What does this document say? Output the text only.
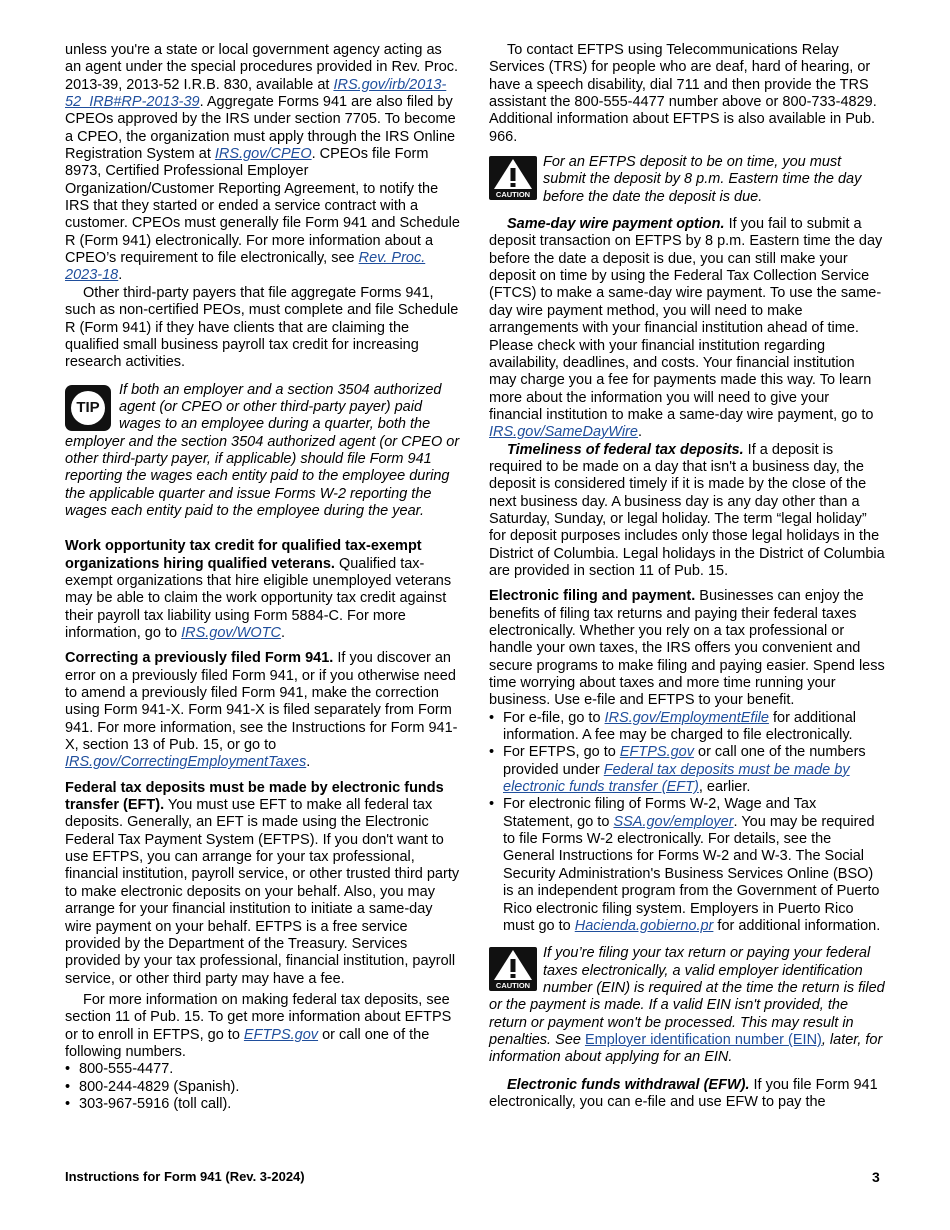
unless you're a state or local government agency acting as an agent under the special procedures provided in Rev. Proc. 2013-39, 2013-52 I.R.B. 830, available at IRS.gov/irb/2013-52_IRB#RP-2013-39. Aggregate Forms 941 are also filed by CPEOs approved by the IRS under section 7705. To become a CPEO, the organization must apply through the IRS Online Registration System at IRS.gov/CPEO. CPEOs file Form 8973, Certified Professional Employer Organization/Customer Reporting Agreement, to notify the IRS that they started or ended a service contract with a customer. CPEOs must generally file Form 941 and Schedule R (Form 941) electronically. For more information about a CPEO’s requirement to file electronically, see Rev. Proc. 2023-18.

Other third-party payers that file aggregate Forms 941, such as non-certified PEOs, must complete and file Schedule R (Form 941) if they have clients that are claiming the qualified small business payroll tax credit for increasing research activities.

TIP

If both an employer and a section 3504 authorized agent (or CPEO or other third-party payer) paid wages to an employee during a quarter, both the employer and the section 3504 authorized agent (or CPEO or other third-party payer, if applicable) should file Form 941 reporting the wages each entity paid to the employee during the applicable quarter and issue Forms W-2 reporting the wages each entity paid to the employee during the year.

Work opportunity tax credit for qualified tax-exempt organizations hiring qualified veterans. Qualified tax-exempt organizations that hire eligible unemployed veterans may be able to claim the work opportunity tax credit against their payroll tax liability using Form 5884-C. For more information, go to IRS.gov/WOTC.

Correcting a previously filed Form 941. If you discover an error on a previously filed Form 941, or if you otherwise need to amend a previously filed Form 941, make the correction using Form 941-X. Form 941-X is filed separately from Form 941. For more information, see the Instructions for Form 941-X, section 13 of Pub. 15, or go to IRS.gov/CorrectingEmploymentTaxes.

Federal tax deposits must be made by electronic funds transfer (EFT). You must use EFT to make all federal tax deposits. Generally, an EFT is made using the Electronic Federal Tax Payment System (EFTPS). If you don't want to use EFTPS, you can arrange for your tax professional, financial institution, payroll service, or other trusted third party to make electronic deposits on your behalf. Also, you may arrange for your financial institution to initiate a same-day wire payment on your behalf. EFTPS is a free service provided by the Department of the Treasury. Services provided by your tax professional, financial institution, payroll service, or other third party may have a fee.

For more information on making federal tax deposits, see section 11 of Pub. 15. To get more information about EFTPS or to enroll in EFTPS, go to EFTPS.gov or call one of the following numbers.

• 800-555-4477.

• 800-244-4829 (Spanish).

• 303-967-5916 (toll call).

To contact EFTPS using Telecommunications Relay Services (TRS) for people who are deaf, hard of hearing, or have a speech disability, dial 711 and then provide the TRS assistant the 800-555-4477 number above or 800-733-4829. Additional information about EFTPS is also available in Pub. 966.

CAUTION

For an EFTPS deposit to be on time, you must submit the deposit by 8 p.m. Eastern time the day before the date the deposit is due.

Same-day wire payment option. If you fail to submit a deposit transaction on EFTPS by 8 p.m. Eastern time the day before the date a deposit is due, you can still make your deposit on time by using the Federal Tax Collection Service (FTCS) to make a same-day wire payment. To use the same-day wire payment method, you will need to make arrangements with your financial institution ahead of time. Please check with your financial institution regarding availability, deadlines, and costs. Your financial institution may charge you a fee for payments made this way. To learn more about the information you will need to give your financial institution to make a same-day wire payment, go to IRS.gov/SameDayWire.

Timeliness of federal tax deposits. If a deposit is required to be made on a day that isn't a business day, the deposit is considered timely if it is made by the close of the next business day. A business day is any day other than a Saturday, Sunday, or legal holiday. The term “legal holiday” for deposit purposes includes only those legal holidays in the District of Columbia. Legal holidays in the District of Columbia are provided in section 11 of Pub. 15.

Electronic filing and payment. Businesses can enjoy the benefits of filing tax returns and paying their federal taxes electronically. Whether you rely on a tax professional or handle your own taxes, the IRS offers you convenient and secure programs to make filing and paying easier. Spend less time worrying about taxes and more time running your business. Use e-file and EFTPS to your benefit.

• For e-file, go to IRS.gov/EmploymentEfile for additional information. A fee may be charged to file electronically.

• For EFTPS, go to EFTPS.gov or call one of the numbers provided under Federal tax deposits must be made by electronic funds transfer (EFT), earlier.

• For electronic filing of Forms W-2, Wage and Tax Statement, go to SSA.gov/employer. You may be required to file Forms W-2 electronically. For details, see the General Instructions for Forms W-2 and W-3. The Social Security Administration's Business Services Online (BSO) is an independent program from the Government of Puerto Rico electronic filing system. Employers in Puerto Rico must go to Hacienda.gobierno.pr for additional information.

CAUTION

If you’re filing your tax return or paying your federal taxes electronically, a valid employer identification number (EIN) is required at the time the return is filed or the payment is made. If a valid EIN isn't provided, the return or payment won't be processed. This may result in penalties. See Employer identification number (EIN), later, for information about applying for an EIN.

Electronic funds withdrawal (EFW). If you file Form 941 electronically, you can e-file and use EFW to pay the

Instructions for Form 941 (Rev. 3-2024)	3
